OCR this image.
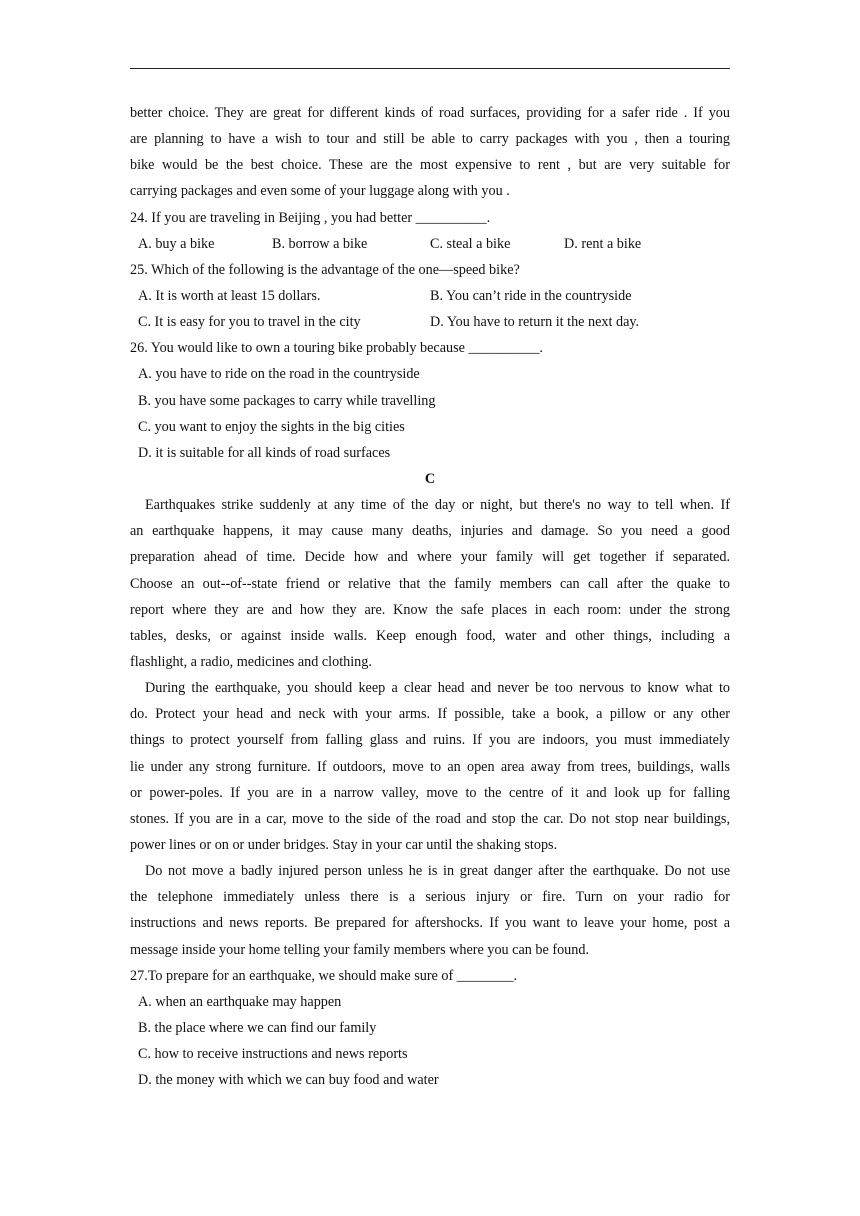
better choice. They are great for different kinds of road surfaces, providing for a safer ride . If you
are planning to have a wish to tour and still be able to carry packages with you , then a touring
bike would be the best choice. These are the most expensive to rent , but are very suitable for
carrying packages and even some of your luggage along with you .
24. If you are traveling in Beijing , you had better __________.
A. buy a bike	B. borrow a bike	C. steal a bike	D. rent a bike
25. Which of the following is the advantage of the one—speed bike?
A. It is worth at least 15 dollars.	B. You can’t ride in the countryside
C. It is easy for you to travel in the city	D. You have to return it the next day.
26. You would like to own a touring bike probably because __________.
A. you have to ride on the road in the countryside
B. you have some packages to carry while travelling
C. you want to enjoy the sights in the big cities
D. it is suitable for all kinds of road surfaces
C
Earthquakes strike suddenly at any time of the day or night, but there's no way to tell when. If
an earthquake happens, it may cause many deaths, injuries and damage. So you need a good
preparation ahead of time. Decide how and where your family will get together if separated.
Choose an out--of--state friend or relative that the family members can call after the quake to
report where they are and how they are. Know the safe places in each room: under the strong
tables, desks, or against inside walls. Keep enough food, water and other things, including a
flashlight, a radio, medicines and clothing.
During the earthquake, you should keep a clear head and never be too nervous to know what to
do. Protect your head and neck with your arms. If possible, take a book, a pillow or any other
things to protect yourself from falling glass and ruins. If you are indoors, you must immediately
lie under any strong furniture. If outdoors, move to an open area away from trees, buildings, walls
or power-poles. If you are in a narrow valley, move to the centre of it and look up for falling
stones. If you are in a car, move to the side of the road and stop the car. Do not stop near buildings,
power lines or on or under bridges. Stay in your car until the shaking stops.
Do not move a badly injured person unless he is in great danger after the earthquake. Do not use
the telephone immediately unless there is a serious injury or fire. Turn on your radio for
instructions and news reports. Be prepared for aftershocks. If you want to leave your home, post a
message inside your home telling your family members where you can be found.
27.To prepare for an earthquake, we should make sure of ________.
A. when an earthquake may happen
B. the place where we can find our family
C. how to receive instructions and news reports
D. the money with which we can buy food and water
